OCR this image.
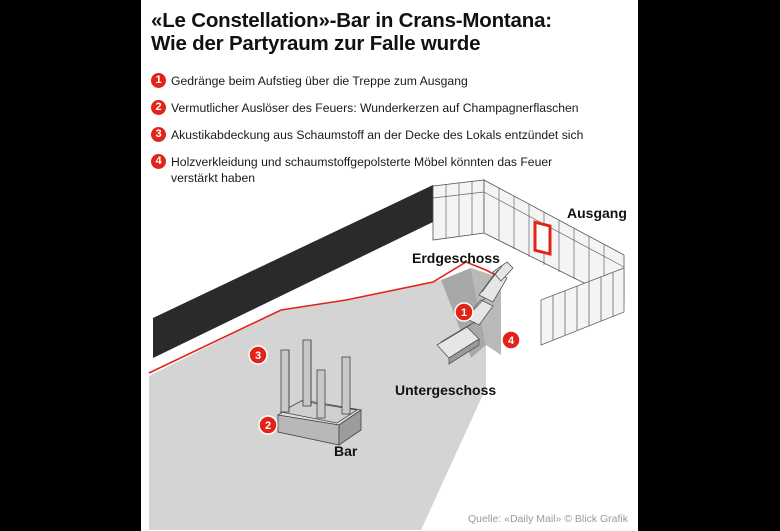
«Le Constellation»-Bar in Crans-Montana:
Wie der Partyraum zur Falle wurde
1 Gedränge beim Aufstieg über die Treppe zum Ausgang
2 Vermutlicher Auslöser des Feuers: Wunderkerzen auf Champagnerflaschen
3 Akustikabdeckung aus Schaumstoff an der Decke des Lokals entzündet sich
4 Holzverkleidung und schaumstoffgepolsterte Möbel könnten das Feuer verstärkt haben
1
2
3
4
Ausgang
Erdgeschoss
Untergeschoss
Bar
Quelle: «Daily Mail» © Blick Grafik
